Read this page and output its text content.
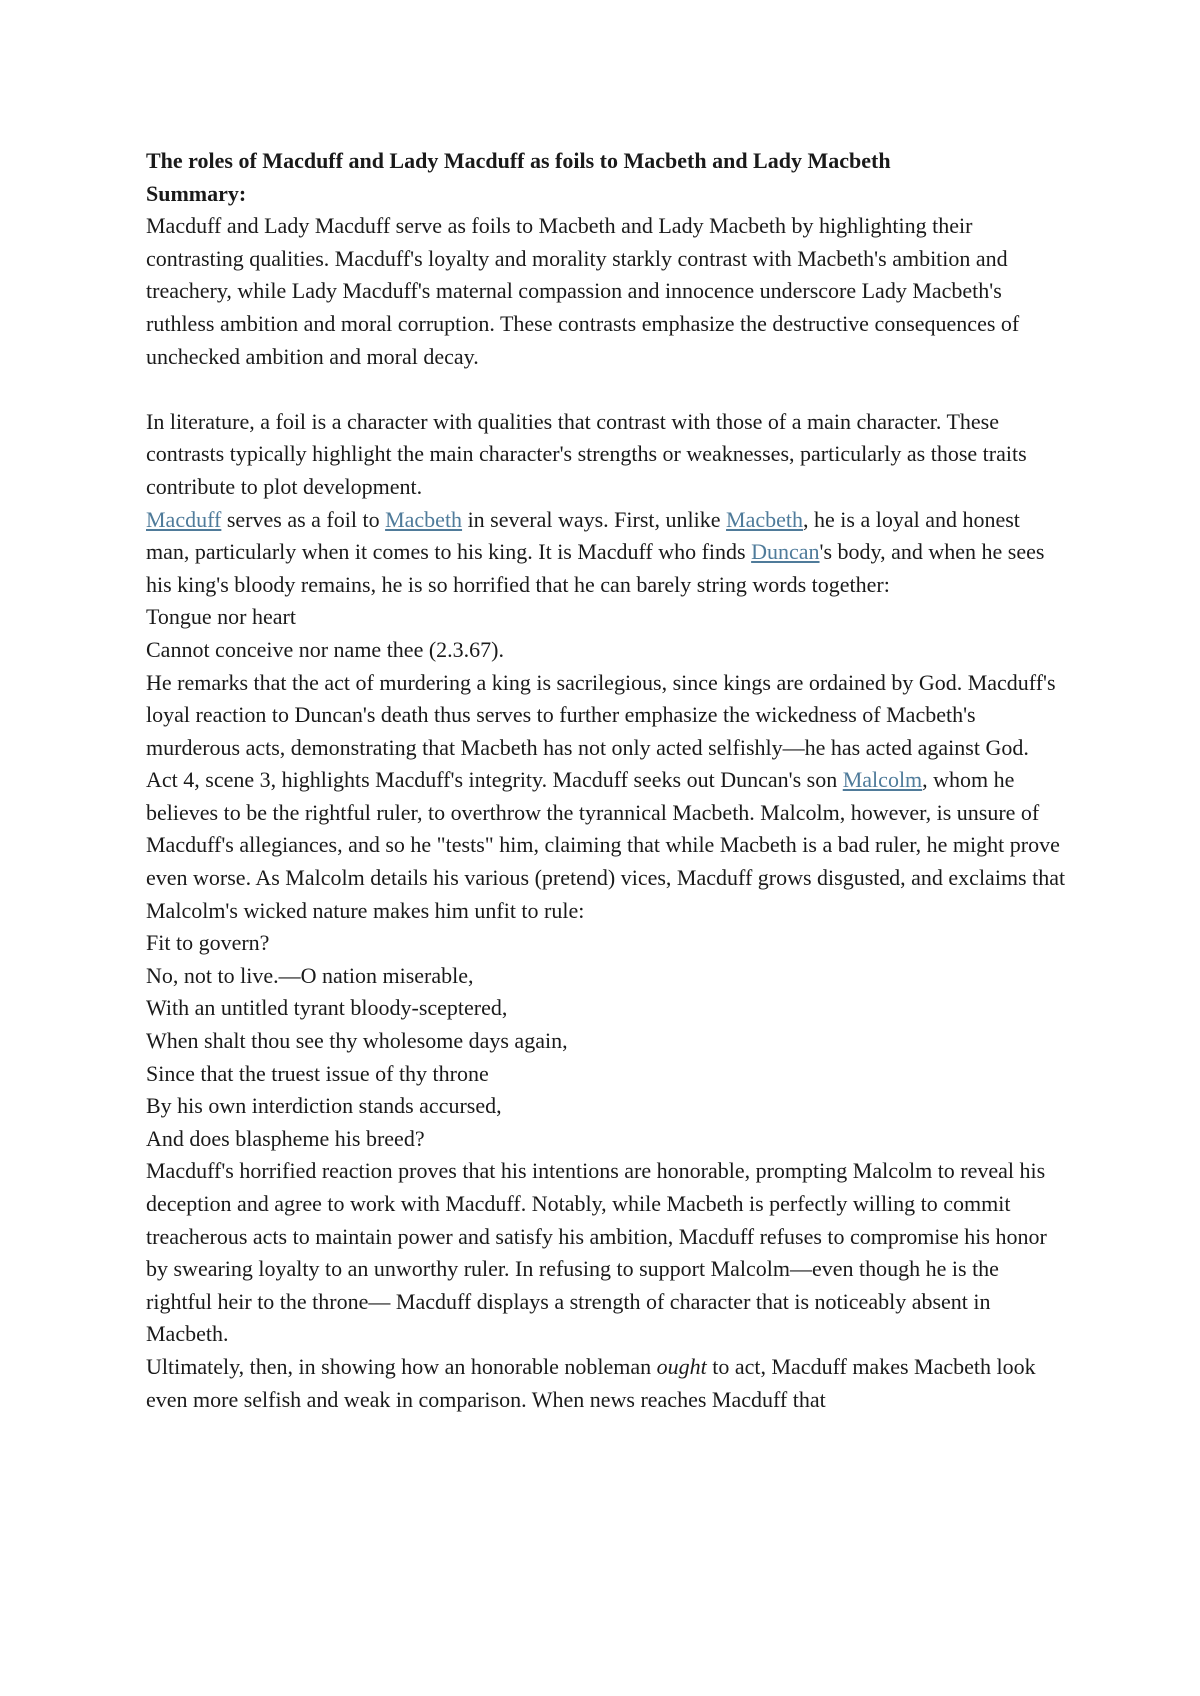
The roles of Macduff and Lady Macduff as foils to Macbeth and Lady Macbeth

Summary:

Macduff and Lady Macduff serve as foils to Macbeth and Lady Macbeth by highlighting their contrasting qualities. Macduff's loyalty and morality starkly contrast with Macbeth's ambition and treachery, while Lady Macduff's maternal compassion and innocence underscore Lady Macbeth's ruthless ambition and moral corruption. These contrasts emphasize the destructive consequences of unchecked ambition and moral decay.

In literature, a foil is a character with qualities that contrast with those of a main character. These contrasts typically highlight the main character's strengths or weaknesses, particularly as those traits contribute to plot development.

Macduff serves as a foil to Macbeth in several ways. First, unlike Macbeth, he is a loyal and honest man, particularly when it comes to his king. It is Macduff who finds Duncan's body, and when he sees his king's bloody remains, he is so horrified that he can barely string words together:

Tongue nor heart

Cannot conceive nor name thee (2.3.67).

He remarks that the act of murdering a king is sacrilegious, since kings are ordained by God. Macduff's loyal reaction to Duncan's death thus serves to further emphasize the wickedness of Macbeth's murderous acts, demonstrating that Macbeth has not only acted selfishly—he has acted against God.

Act 4, scene 3, highlights Macduff's integrity. Macduff seeks out Duncan's son Malcolm, whom he believes to be the rightful ruler, to overthrow the tyrannical Macbeth. Malcolm, however, is unsure of Macduff's allegiances, and so he "tests" him, claiming that while Macbeth is a bad ruler, he might prove even worse. As Malcolm details his various (pretend) vices, Macduff grows disgusted, and exclaims that Malcolm's wicked nature makes him unfit to rule:

Fit to govern?

No, not to live.—O nation miserable,

With an untitled tyrant bloody-sceptered,

When shalt thou see thy wholesome days again,

Since that the truest issue of thy throne

By his own interdiction stands accursed,

And does blaspheme his breed?

Macduff's horrified reaction proves that his intentions are honorable, prompting Malcolm to reveal his deception and agree to work with Macduff. Notably, while Macbeth is perfectly willing to commit treacherous acts to maintain power and satisfy his ambition, Macduff refuses to compromise his honor by swearing loyalty to an unworthy ruler. In refusing to support Malcolm—even though he is the rightful heir to the throne— Macduff displays a strength of character that is noticeably absent in Macbeth.

Ultimately, then, in showing how an honorable nobleman ought to act, Macduff makes Macbeth look even more selfish and weak in comparison. When news reaches Macduff that
